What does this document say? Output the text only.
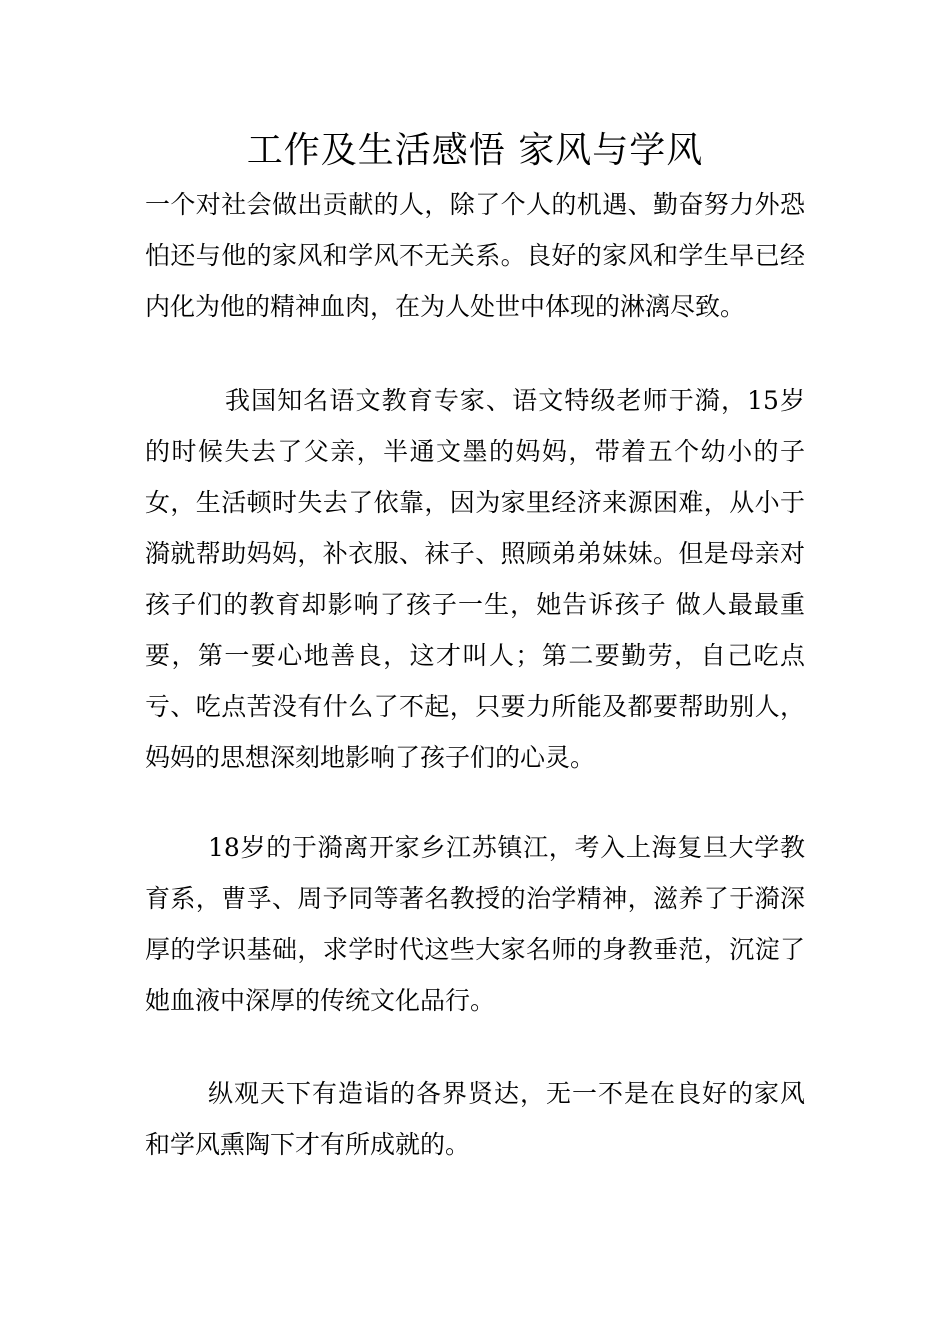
工作及生活感悟 家风与学风

一个对社会做出贡献的人，除了个人的机遇、勤奋努力外恐怕还与他的家风和学风不无关系。良好的家风和学生早已经内化为他的精神血肉，在为人处世中体现的淋漓尽致。

我国知名语文教育专家、语文特级老师于漪，15岁的时候失去了父亲，半通文墨的妈妈，带着五个幼小的子女，生活顿时失去了依靠，因为家里经济来源困难，从小于漪就帮助妈妈，补衣服、袜子、照顾弟弟妹妹。但是母亲对孩子们的教育却影响了孩子一生，她告诉孩子 做人最最重要，第一要心地善良，这才叫人；第二要勤劳，自己吃点亏、吃点苦没有什么了不起，只要力所能及都要帮助别人，妈妈的思想深刻地影响了孩子们的心灵。

18岁的于漪离开家乡江苏镇江，考入上海复旦大学教育系，曹孚、周予同等著名教授的治学精神，滋养了于漪深厚的学识基础，求学时代这些大家名师的身教垂范，沉淀了她血液中深厚的传统文化品行。

纵观天下有造诣的各界贤达，无一不是在良好的家风和学风熏陶下才有所成就的。
